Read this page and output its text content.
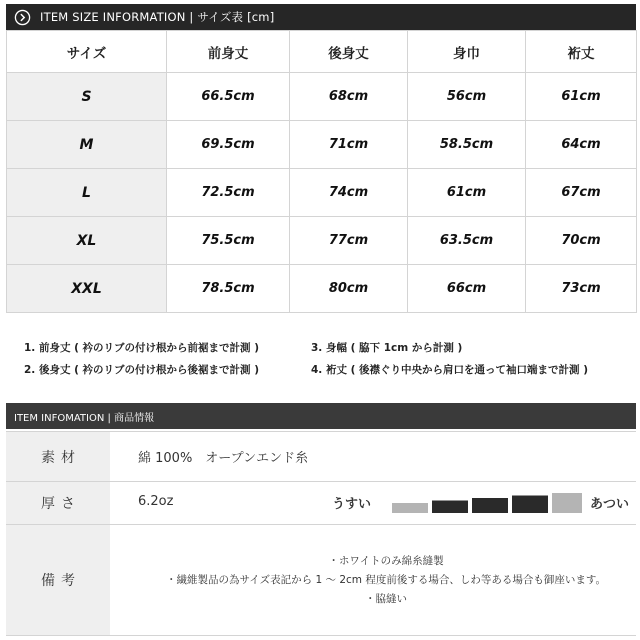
ITEM SIZE INFORMATION | サイズ表 [cm]
サイズ	前身丈	後身丈	身巾	裄丈
S	66.5cm	68cm	56cm	61cm
M	69.5cm	71cm	58.5cm	64cm
L	72.5cm	74cm	61cm	67cm
XL	75.5cm	77cm	63.5cm	70cm
XXL	78.5cm	80cm	66cm	73cm
1. 前身丈 ( 衿のリブの付け根から前裾まで計測 )	3. 身幅 ( 脇下 1cm から計測 )
2. 後身丈 ( 衿のリブの付け根から後裾まで計測 )	4. 裄丈 ( 後襟ぐり中央から肩口を通って袖口端まで計測 )
ITEM INFOMATION | 商品情報
素材	綿 100%　オープンエンド糸
厚さ	6.2oz	うすい	あつい
備考
・ホワイトのみ綿糸縫製
・繊維製品の為サイズ表記から 1 ～ 2cm 程度前後する場合、しわ等ある場合も御座います。
・脇縫い
